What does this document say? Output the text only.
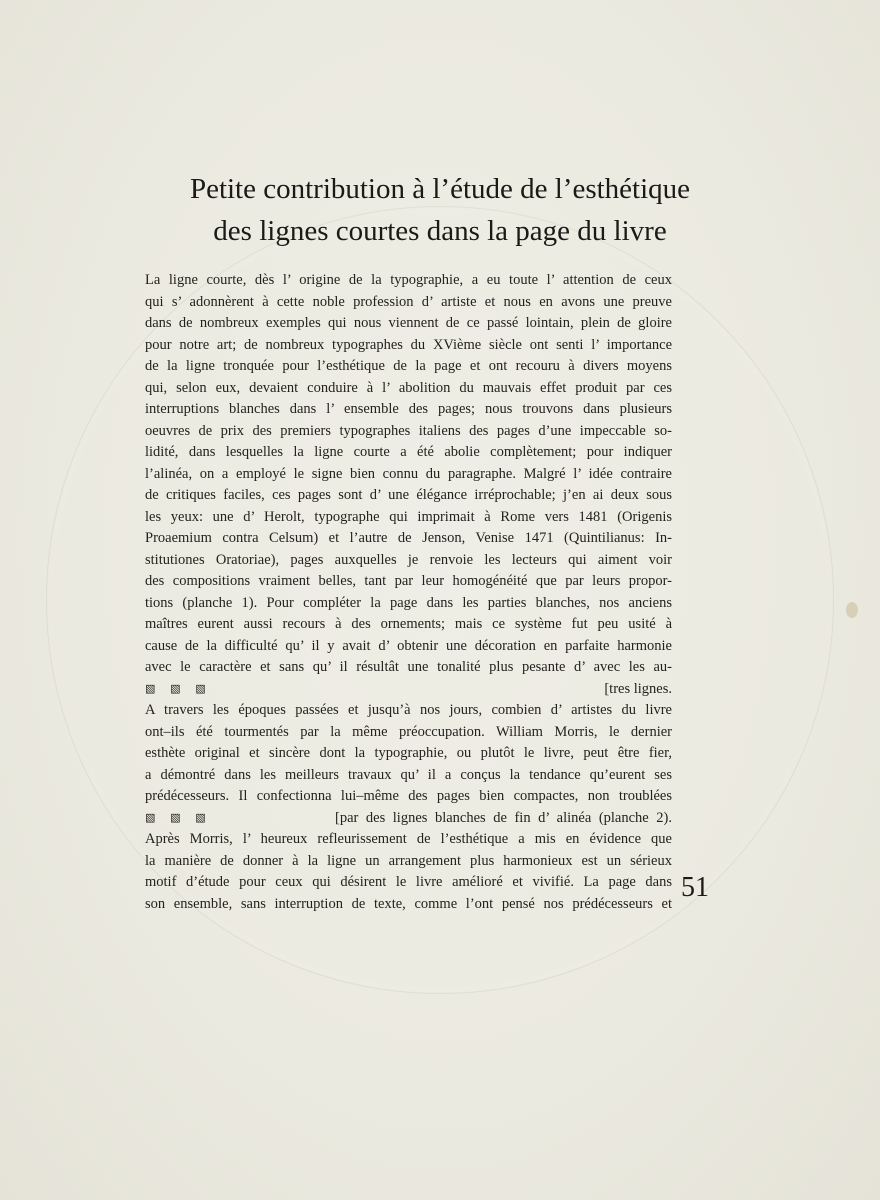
Petite contribution à l’étude de l’esthétique
des lignes courtes dans la page du livre
La ligne courte, dès l’ origine de la typographie, a eu toute l’ attention de ceux
qui s’ adonnèrent à cette noble profession d’ artiste et nous en avons une preuve
dans de nombreux exemples qui nous viennent de ce passé lointain, plein de gloire
pour notre art; de nombreux typographes du XVième siècle ont senti l’ importance
de la ligne tronquée pour l’esthétique de la page et ont recouru à divers moyens
qui, selon eux, devaient conduire à l’ abolition du mauvais effet produit par ces
interruptions blanches dans l’ ensemble des pages; nous trouvons dans plusieurs
oeuvres de prix des premiers typographes italiens des pages d’une impeccable so-
lidité, dans lesquelles la ligne courte a été abolie complètement; pour indiquer
l’alinéa, on a employé le signe bien connu du paragraphe. Malgré l’ idée contraire
de critiques faciles, ces pages sont d’ une élégance irréprochable; j’en ai deux sous
les yeux: une d’ Herolt, typographe qui imprimait à Rome vers 1481 (Origenis
Proaemium contra Celsum) et l’autre de Jenson, Venise 1471 (Quintilianus: In-
stitutiones Oratoriae), pages auxquelles je renvoie les lecteurs qui aiment voir
des compositions vraiment belles, tant par leur homogénéité que par leurs propor-
tions (planche 1). Pour compléter la page dans les parties blanches, nos anciens
maîtres eurent aussi recours à des ornements; mais ce système fut peu usité à
cause de la difficulté qu’ il y avait d’ obtenir une décoration en parfaite harmonie
avec le caractère et sans qu’ il résultât une tonalité plus pesante d’ avec les au-
▧ ▧ ▧	[tres lignes.
A travers les époques passées et jusqu’à nos jours, combien d’ artistes du livre
ont–ils été tourmentés par la même préoccupation. William Morris, le dernier
esthète original et sincère dont la typographie, ou plutôt le livre, peut être fier,
a démontré dans les meilleurs travaux qu’ il a conçus la tendance qu’eurent ses
prédécesseurs. Il confectionna lui–même des pages bien compactes, non troublées
▧ ▧ ▧	[par des lignes blanches de fin d’ alinéa (planche 2).
Après Morris, l’ heureux refleurissement de l’esthétique a mis en évidence que
la manière de donner à la ligne un arrangement plus harmonieux est un sérieux
motif d’étude pour ceux qui désirent le livre amélioré et vivifié. La page dans
son ensemble, sans interruption de texte, comme l’ont pensé nos prédécesseurs et
51
